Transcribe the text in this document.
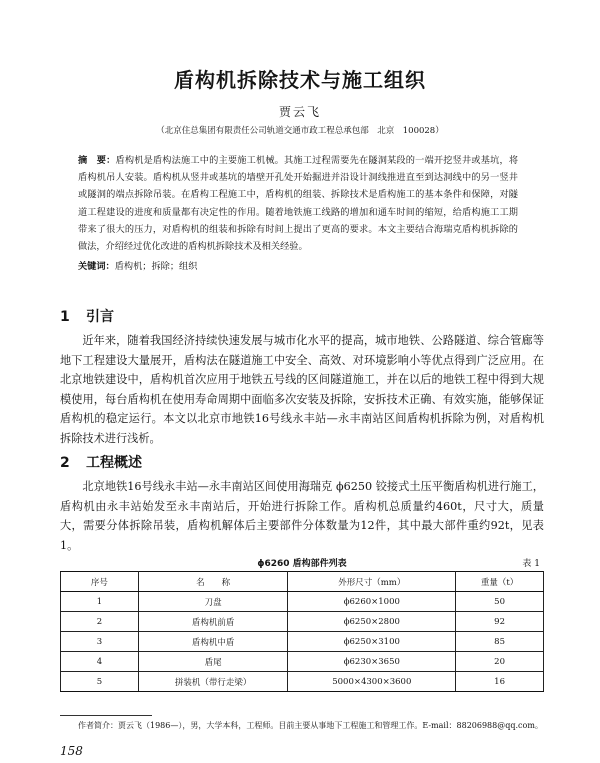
盾构机拆除技术与施工组织
贾云飞
（北京住总集团有限责任公司轨道交通市政工程总承包部　北京　100028）
摘　要：盾构机是盾构法施工中的主要施工机械。其施工过程需要先在隧洞某段的一端开挖竖井或基坑，将盾构机吊人安装。盾构机从竖井或基坑的墙壁开孔处开始掘进并沿设计洞线推进直至到达洞线中的另一竖井或隧洞的端点拆除吊装。在盾构工程施工中，盾构机的组装、拆除技术是盾构施工的基本条件和保障，对隧道工程建设的进度和质量都有决定性的作用。随着地铁施工线路的增加和通车时间的缩短，给盾构施工工期带来了很大的压力，对盾构机的组装和拆除有时间上提出了更高的要求。本文主要结合海瑞克盾构机拆除的做法，介绍经过优化改进的盾构机拆除技术及相关经验。
关键词：盾构机；拆除；组织
1 引言
近年来，随着我国经济持续快速发展与城市化水平的提高，城市地铁、公路隧道、综合管廊等地下工程建设大量展开，盾构法在隧道施工中安全、高效、对环境影响小等优点得到广泛应用。在北京地铁建设中，盾构机首次应用于地铁五号线的区间隧道施工，并在以后的地铁工程中得到大规模使用，每台盾构机在使用寿命周期中面临多次安装及拆除，安拆技术正确、有效实施，能够保证盾构机的稳定运行。本文以北京市地铁16号线永丰站—永丰南站区间盾构机拆除为例，对盾构机拆除技术进行浅析。
2 工程概述
北京地铁16号线永丰站—永丰南站区间使用海瑞克 ϕ6250 铰接式土压平衡盾构机进行施工，盾构机由永丰站始发至永丰南站后，开始进行拆除工作。盾构机总质量约460t，尺寸大，质量大，需要分体拆除吊装，盾构机解体后主要部件分体数量为12件，其中最大部件重约92t，见表1。
ϕ6260 盾构部件列表	表 1
序号	名　　称	外形尺寸（mm）	重量（t）
1	刀盘	ϕ6260×1000	50
2	盾构机前盾	ϕ6250×2800	92
3	盾构机中盾	ϕ6250×3100	85
4	盾尾	ϕ6230×3650	20
5	拼装机（带行走梁）	5000×4300×3600	16
作者简介：贾云飞（1986—），男，大学本科，工程师。目前主要从事地下工程施工和管理工作。E-mail：88206988@qq.com。
158
